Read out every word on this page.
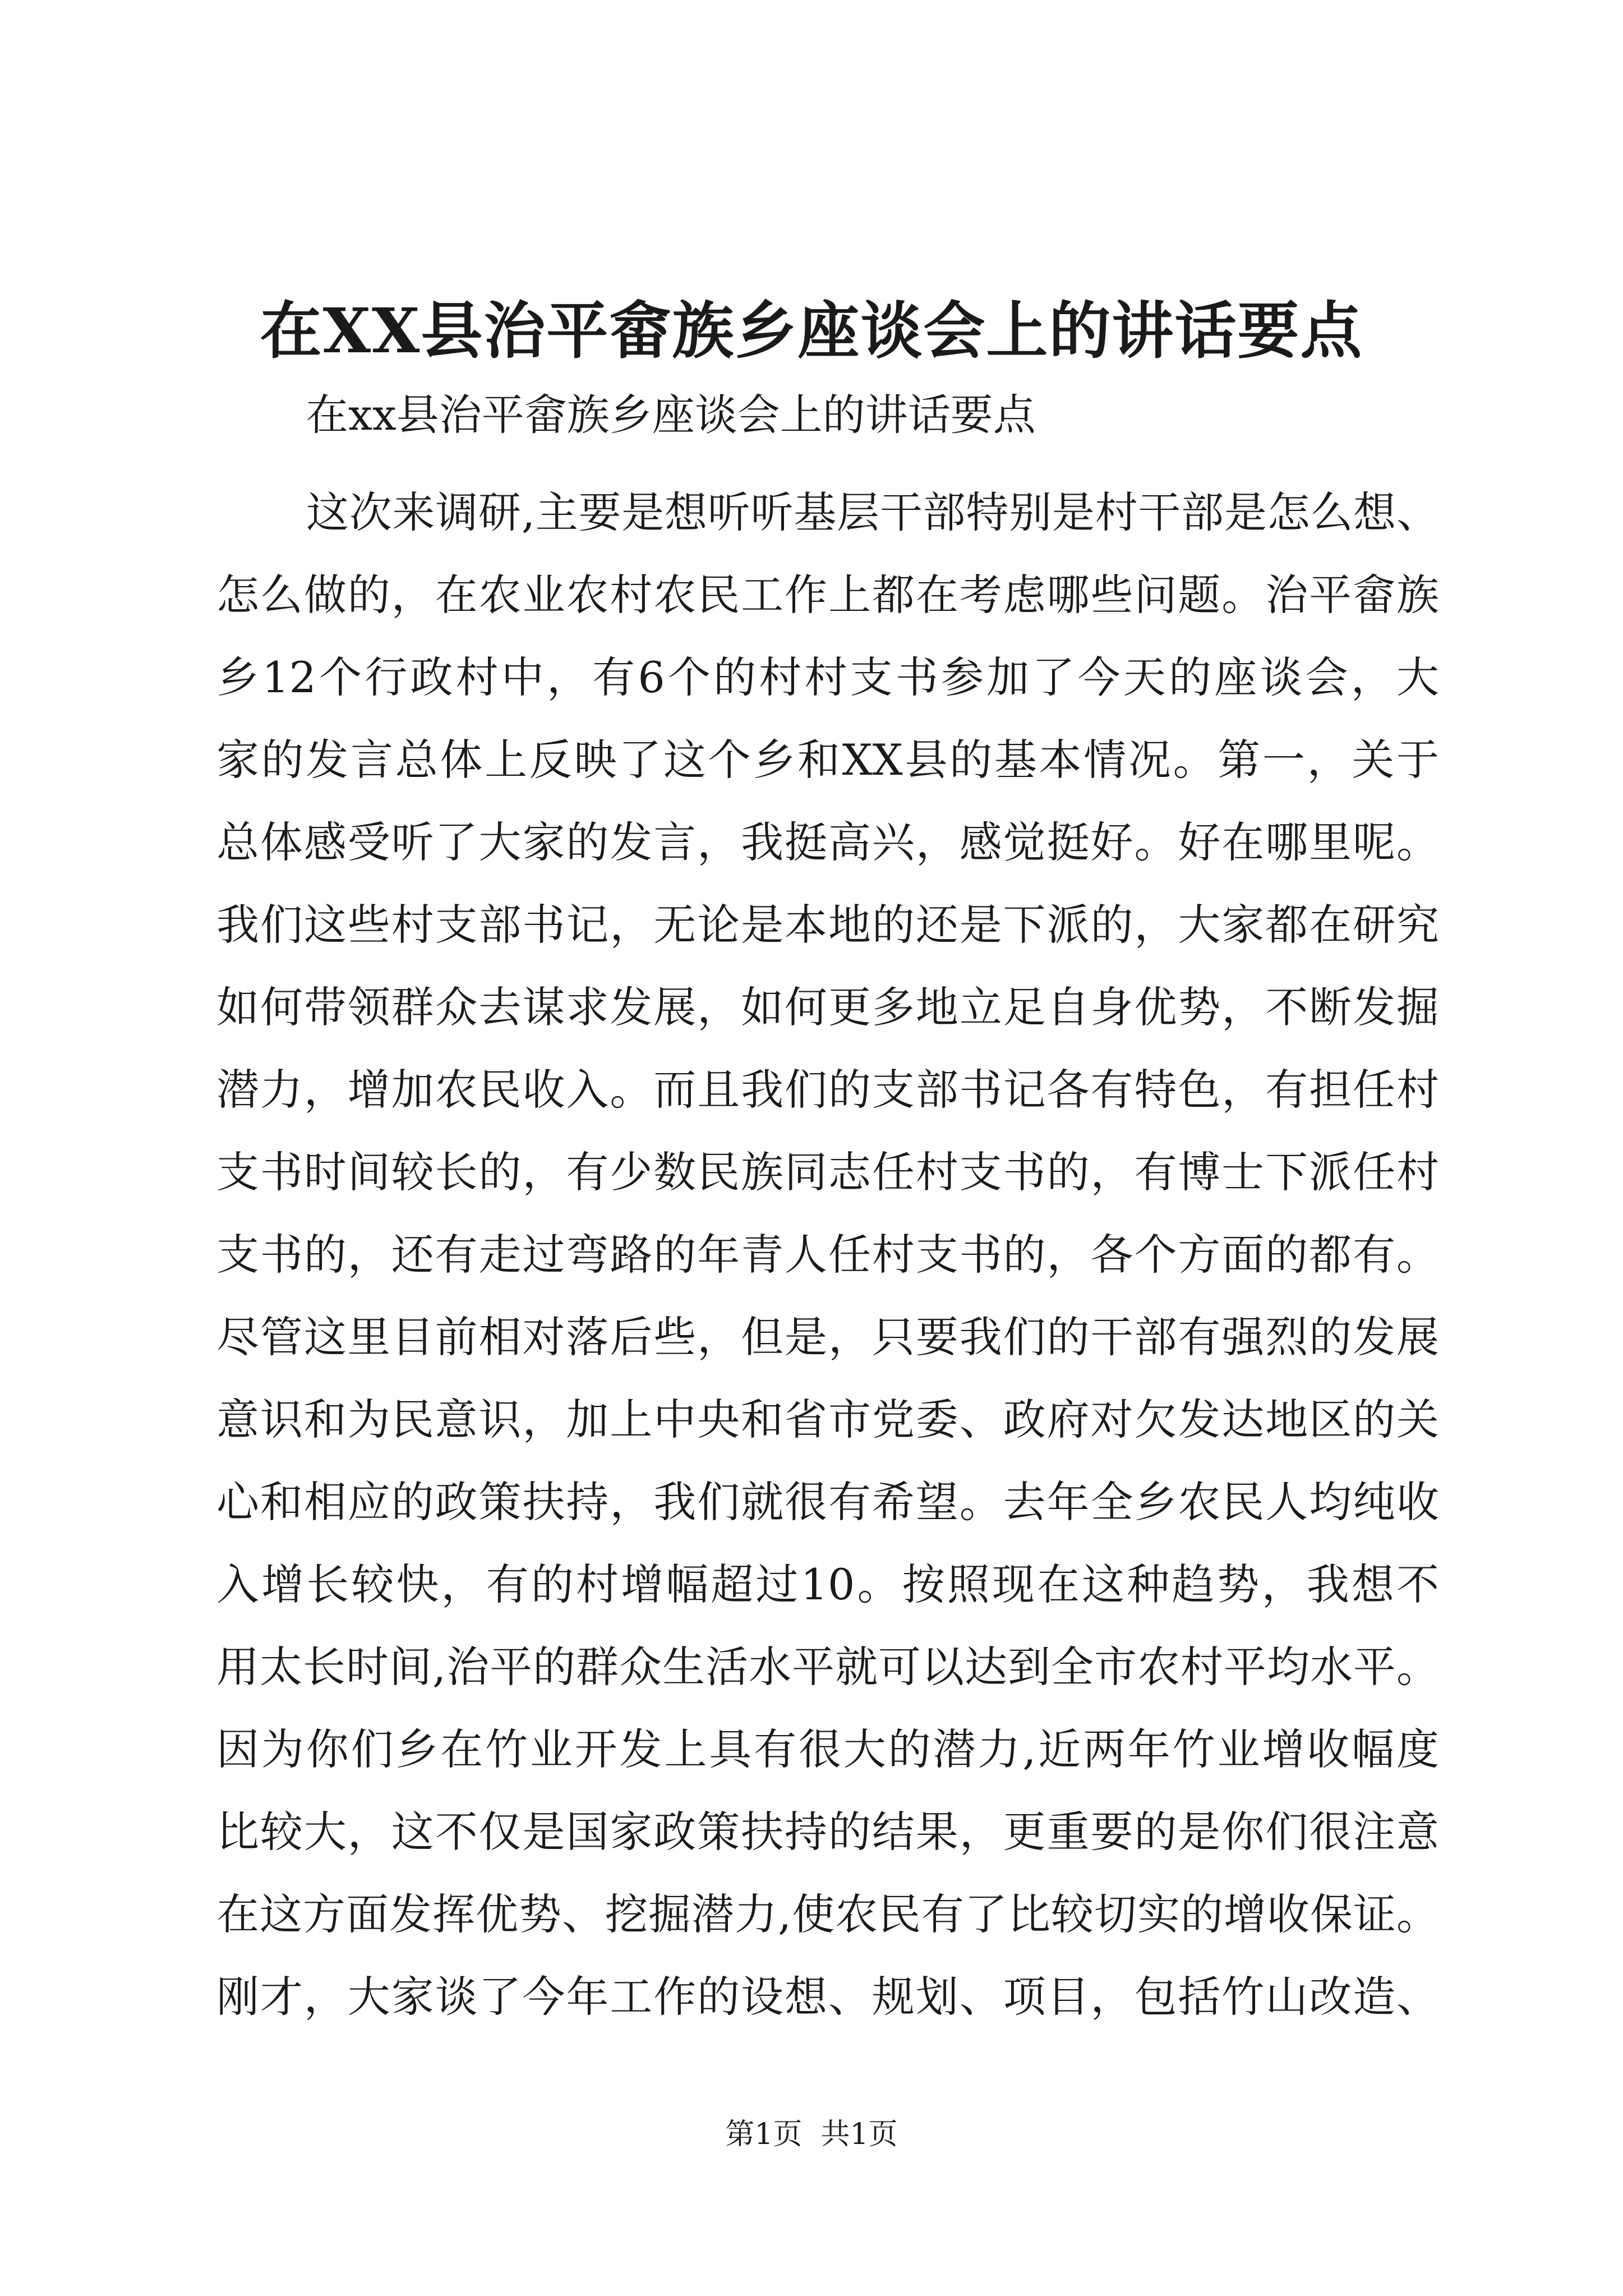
在XX县治平畲族乡座谈会上的讲话要点

在xx县治平畲族乡座谈会上的讲话要点

这次来调研,主要是想听听基层干部特别是村干部是怎么想、
怎么做的，在农业农村农民工作上都在考虑哪些问题。治平畲族
乡12个行政村中，有6个的村村支书参加了今天的座谈会，大
家的发言总体上反映了这个乡和XX县的基本情况。第一，关于
总体感受听了大家的发言，我挺高兴，感觉挺好。好在哪里呢。
我们这些村支部书记，无论是本地的还是下派的，大家都在研究
如何带领群众去谋求发展，如何更多地立足自身优势，不断发掘
潜力，增加农民收入。而且我们的支部书记各有特色，有担任村
支书时间较长的，有少数民族同志任村支书的，有博士下派任村
支书的，还有走过弯路的年青人任村支书的，各个方面的都有。
尽管这里目前相对落后些，但是，只要我们的干部有强烈的发展
意识和为民意识，加上中央和省市党委、政府对欠发达地区的关
心和相应的政策扶持，我们就很有希望。去年全乡农民人均纯收
入增长较快，有的村增幅超过10。按照现在这种趋势，我想不
用太长时间,治平的群众生活水平就可以达到全市农村平均水平。
因为你们乡在竹业开发上具有很大的潜力,近两年竹业增收幅度
比较大，这不仅是国家政策扶持的结果，更重要的是你们很注意
在这方面发挥优势、挖掘潜力,使农民有了比较切实的增收保证。
刚才，大家谈了今年工作的设想、规划、项目，包括竹山改造、

第1页  共1页
